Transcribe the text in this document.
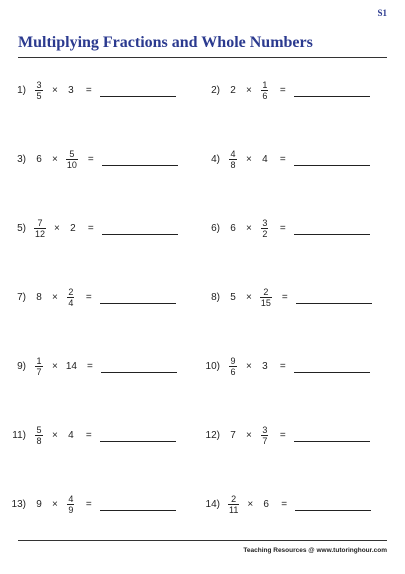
S1
Multiplying Fractions and Whole Numbers
$1) \frac{3}{5} \times 3$ =	2) $2 \times \frac{1}{6}$ =
3) $6 \times \frac{5}{10}$ =	$4) \frac{4}{8} \times 4$ =
$5) \frac{7}{12} \times 2$ =	6) $6 \times \frac{3}{2}$ =
7) $8 \times \frac{2}{4}$ =	8) $5 \times \frac{2}{15}$ =
$9) \frac{1}{7} \times 14$ =	$10) \frac{9}{6} \times 3$ =
$11) \frac{5}{8} \times 4$ =	12) $7 \times \frac{3}{7}$ =
13) $9 \times \frac{4}{9}$ =	$14) \frac{2}{11} \times 6$ =
Teaching Resources @ www.tutoringhour.com
